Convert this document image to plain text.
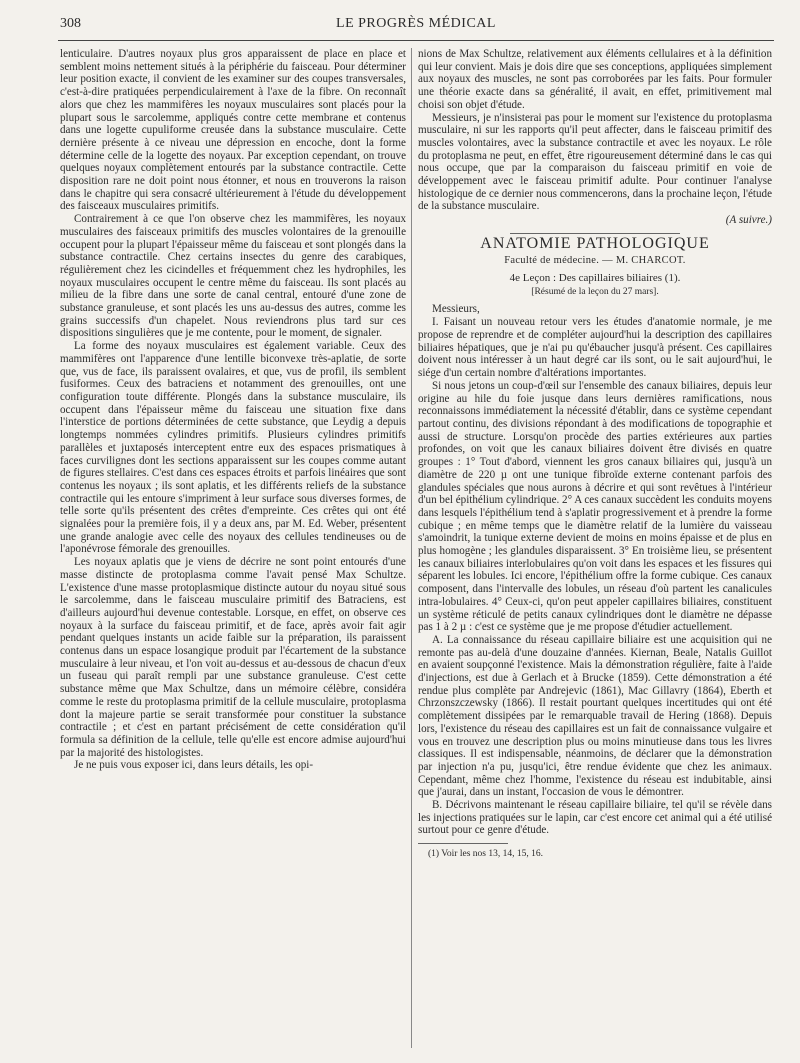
308	LE PROGRÈS MÉDICAL

lenticulaire. D'autres noyaux plus gros apparaissent de place en place et semblent moins nettement situés à la périphérie du faisceau. Pour déterminer leur position exacte, il convient de les examiner sur des coupes transversales, c'est-à-dire pratiquées perpendiculairement à l'axe de la fibre. On reconnaît alors que chez les mammifères les noyaux musculaires sont placés pour la plupart sous le sarcolemme, appliqués contre cette membrane et contenus dans une logette cupuliforme creusée dans la substance musculaire. Cette dernière présente à ce niveau une dépression en encoche, dont la forme détermine celle de la logette des noyaux. Par exception cependant, on trouve quelques noyaux complètement entourés par la substance contractile. Cette disposition rare ne doit point nous étonner, et nous en trouverons la raison dans le chapitre qui sera consacré ultérieurement à l'étude du développement des faisceaux musculaires primitifs.

Contrairement à ce que l'on observe chez les mammifères, les noyaux musculaires des faisceaux primitifs des muscles volontaires de la grenouille occupent pour la plupart l'épaisseur même du faisceau et sont plongés dans la substance contractile. Chez certains insectes du genre des carabiques, régulièrement chez les cicindelles et fréquemment chez les hydrophiles, les noyaux musculaires occupent le centre même du faisceau. Ils sont placés au milieu de la fibre dans une sorte de canal central, entouré d'une zone de substance granuleuse, et sont placés les uns au-dessus des autres, comme les grains successifs d'un chapelet. Nous reviendrons plus tard sur ces dispositions singulières que je me contente, pour le moment, de signaler.

La forme des noyaux musculaires est également variable. Ceux des mammifères ont l'apparence d'une lentille biconvexe très-aplatie, de sorte que, vus de face, ils paraissent ovalaires, et que, vus de profil, ils semblent fusiformes. Ceux des batraciens et notamment des grenouilles, ont une configuration toute différente. Plongés dans la substance musculaire, ils occupent dans l'épaisseur même du faisceau une situation fixe dans l'interstice de portions déterminées de cette substance, que Leydig a depuis longtemps nommées cylindres primitifs. Plusieurs cylindres primitifs parallèles et juxtaposés interceptent entre eux des espaces prismatiques à faces curvilignes dont les sections apparaissent sur les coupes comme autant de figures stellaires. C'est dans ces espaces étroits et parfois linéaires que sont contenus les noyaux ; ils sont aplatis, et les différents reliefs de la substance contractile qui les entoure s'impriment à leur surface sous diverses formes, de telle sorte qu'ils présentent des crêtes d'empreinte. Ces crêtes qui ont été signalées pour la première fois, il y a deux ans, par M. Ed. Weber, présentent une grande analogie avec celle des noyaux des cellules tendineuses ou de l'aponévrose fémorale des grenouilles.

Les noyaux aplatis que je viens de décrire ne sont point entourés d'une masse distincte de protoplasma comme l'avait pensé Max Schultze. L'existence d'une masse protoplasmique distincte autour du noyau situé sous le sarcolemme, dans le faisceau musculaire primitif des Batraciens, est d'ailleurs aujourd'hui devenue contestable. Lorsque, en effet, on observe ces noyaux à la surface du faisceau primitif, et de face, après avoir fait agir pendant quelques instants un acide faible sur la préparation, ils paraissent contenus dans un espace losangique produit par l'écartement de la substance musculaire à leur niveau, et l'on voit au-dessus et au-dessous de chacun d'eux un fuseau qui paraît rempli par une substance granuleuse. C'est cette substance même que Max Schultze, dans un mémoire célèbre, considéra comme le reste du protoplasma primitif de la cellule musculaire, protoplasma dont la majeure partie se serait transformée pour constituer la substance contractile ; et c'est en partant précisément de cette considération qu'il formula sa définition de la cellule, telle qu'elle est encore admise aujourd'hui par la majorité des histologistes.

Je ne puis vous exposer ici, dans leurs détails, les opi-

nions de Max Schultze, relativement aux éléments cellulaires et à la définition qui leur convient. Mais je dois dire que ses conceptions, appliquées simplement aux noyaux des muscles, ne sont pas corroborées par les faits. Pour formuler une théorie exacte dans sa généralité, il avait, en effet, primitivement mal choisi son objet d'étude.

Messieurs, je n'insisterai pas pour le moment sur l'existence du protoplasma musculaire, ni sur les rapports qu'il peut affecter, dans le faisceau primitif des muscles volontaires, avec la substance contractile et avec les noyaux. Le rôle du protoplasma ne peut, en effet, être rigoureusement déterminé dans le cas qui nous occupe, que par la comparaison du faisceau primitif en voie de développement avec le faisceau primitif adulte. Pour continuer l'analyse histologique de ce dernier nous commencerons, dans la prochaine leçon, l'étude de la substance musculaire.

(A suivre.)
ANATOMIE PATHOLOGIQUE
Faculté de médecine. — M. CHARCOT.
4e Leçon : Des capillaires biliaires (1).
[Résumé de la leçon du 27 mars].

Messieurs,

I. Faisant un nouveau retour vers les études d'anatomie normale, je me propose de reprendre et de compléter aujourd'hui la description des capillaires biliaires hépatiques, que je n'ai pu qu'ébaucher jusqu'à présent. Ces capillaires doivent nous intéresser à un haut degré car ils sont, ou le sait aujourd'hui, le siége d'un certain nombre d'altérations importantes.

Si nous jetons un coup-d'œil sur l'ensemble des canaux biliaires, depuis leur origine au hile du foie jusque dans leurs dernières ramifications, nous reconnaissons immédiatement la nécessité d'établir, dans ce système cependant partout continu, des divisions répondant à des modifications de topographie et aussi de structure. Lorsqu'on procède des parties extérieures aux parties profondes, on voit que les canaux biliaires doivent être divisés en quatre groupes : 1° Tout d'abord, viennent les gros canaux biliaires qui, jusqu'à un diamètre de 220 µ ont une tunique fibroïde externe contenant parfois des glandules spéciales que nous aurons à décrire et qui sont revêtues à l'intérieur d'un bel épithélium cylindrique. 2° A ces canaux succèdent les conduits moyens dans lesquels l'épithélium tend à s'aplatir progressivement et à prendre la forme cubique ; en même temps que le diamètre relatif de la lumière du vaisseau s'amoindrit, la tunique externe devient de moins en moins épaisse et de plus en plus homogène ; les glandules disparaissent. 3° En troisième lieu, se présentent les canaux biliaires interlobulaires qu'on voit dans les espaces et les fissures qui séparent les lobules. Ici encore, l'épithélium offre la forme cubique. Ces canaux composent, dans l'intervalle des lobules, un réseau d'où partent les canalicules intra-lobulaires. 4° Ceux-ci, qu'on peut appeler capillaires biliaires, constituent un système réticulé de petits canaux cylindriques dont le diamètre ne dépasse pas 1 à 2 µ : c'est ce système que je me propose d'étudier actuellement.

A. La connaissance du réseau capillaire biliaire est une acquisition qui ne remonte pas au-delà d'une douzaine d'années. Kiernan, Beale, Natalis Guillot en avaient soupçonné l'existence. Mais la démonstration régulière, faite à l'aide d'injections, est due à Gerlach et à Brucke (1859). Cette démonstration a été rendue plus complète par Andrejevic (1861), Mac Gillavry (1864), Eberth et Chrzonszczewsky (1866). Il restait pourtant quelques incertitudes qui ont été complètement dissipées par le remarquable travail de Hering (1868). Depuis lors, l'existence du réseau des capillaires est un fait de connaissance vulgaire et vous en trouvez une description plus ou moins minutieuse dans tous les livres classiques. Il est indispensable, néanmoins, de déclarer que la démonstration par injection n'a pu, jusqu'ici, être rendue évidente que chez les animaux. Cependant, même chez l'homme, l'existence du réseau est indubitable, ainsi que j'aurai, dans un instant, l'occasion de vous le démontrer.

B. Décrivons maintenant le réseau capillaire biliaire, tel qu'il se révèle dans les injections pratiquées sur le lapin, car c'est encore cet animal qui a été utilisé surtout pour ce genre d'étude.

(1) Voir les nos 13, 14, 15, 16.
